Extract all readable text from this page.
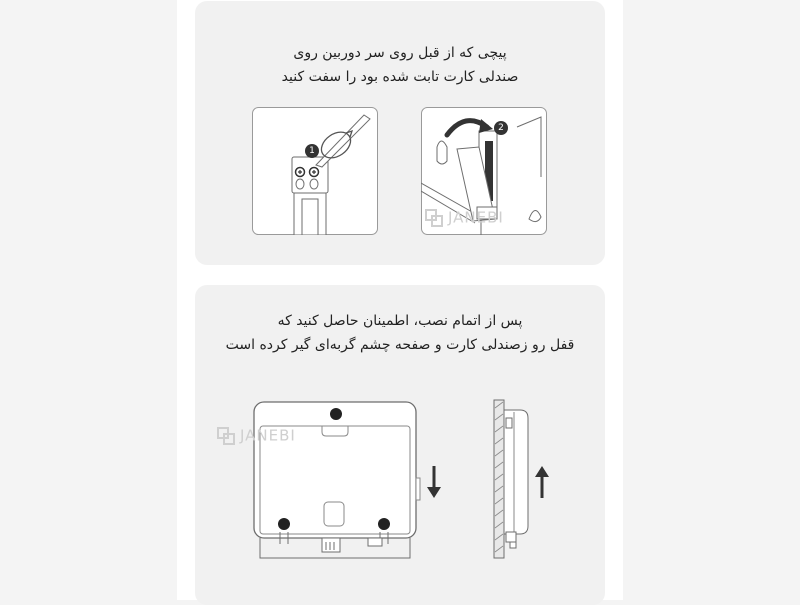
پیچی که از قبل روی سر دوربین روی
صندلی کارت تابت شده بود را سفت کنید

1
2
JANEBI

پس از اتمام نصب، اطمینان حاصل کنید که
قفل رو زصندلی کارت و صفحه چشم گربه‌ای گیر کرده است

JANEBI
